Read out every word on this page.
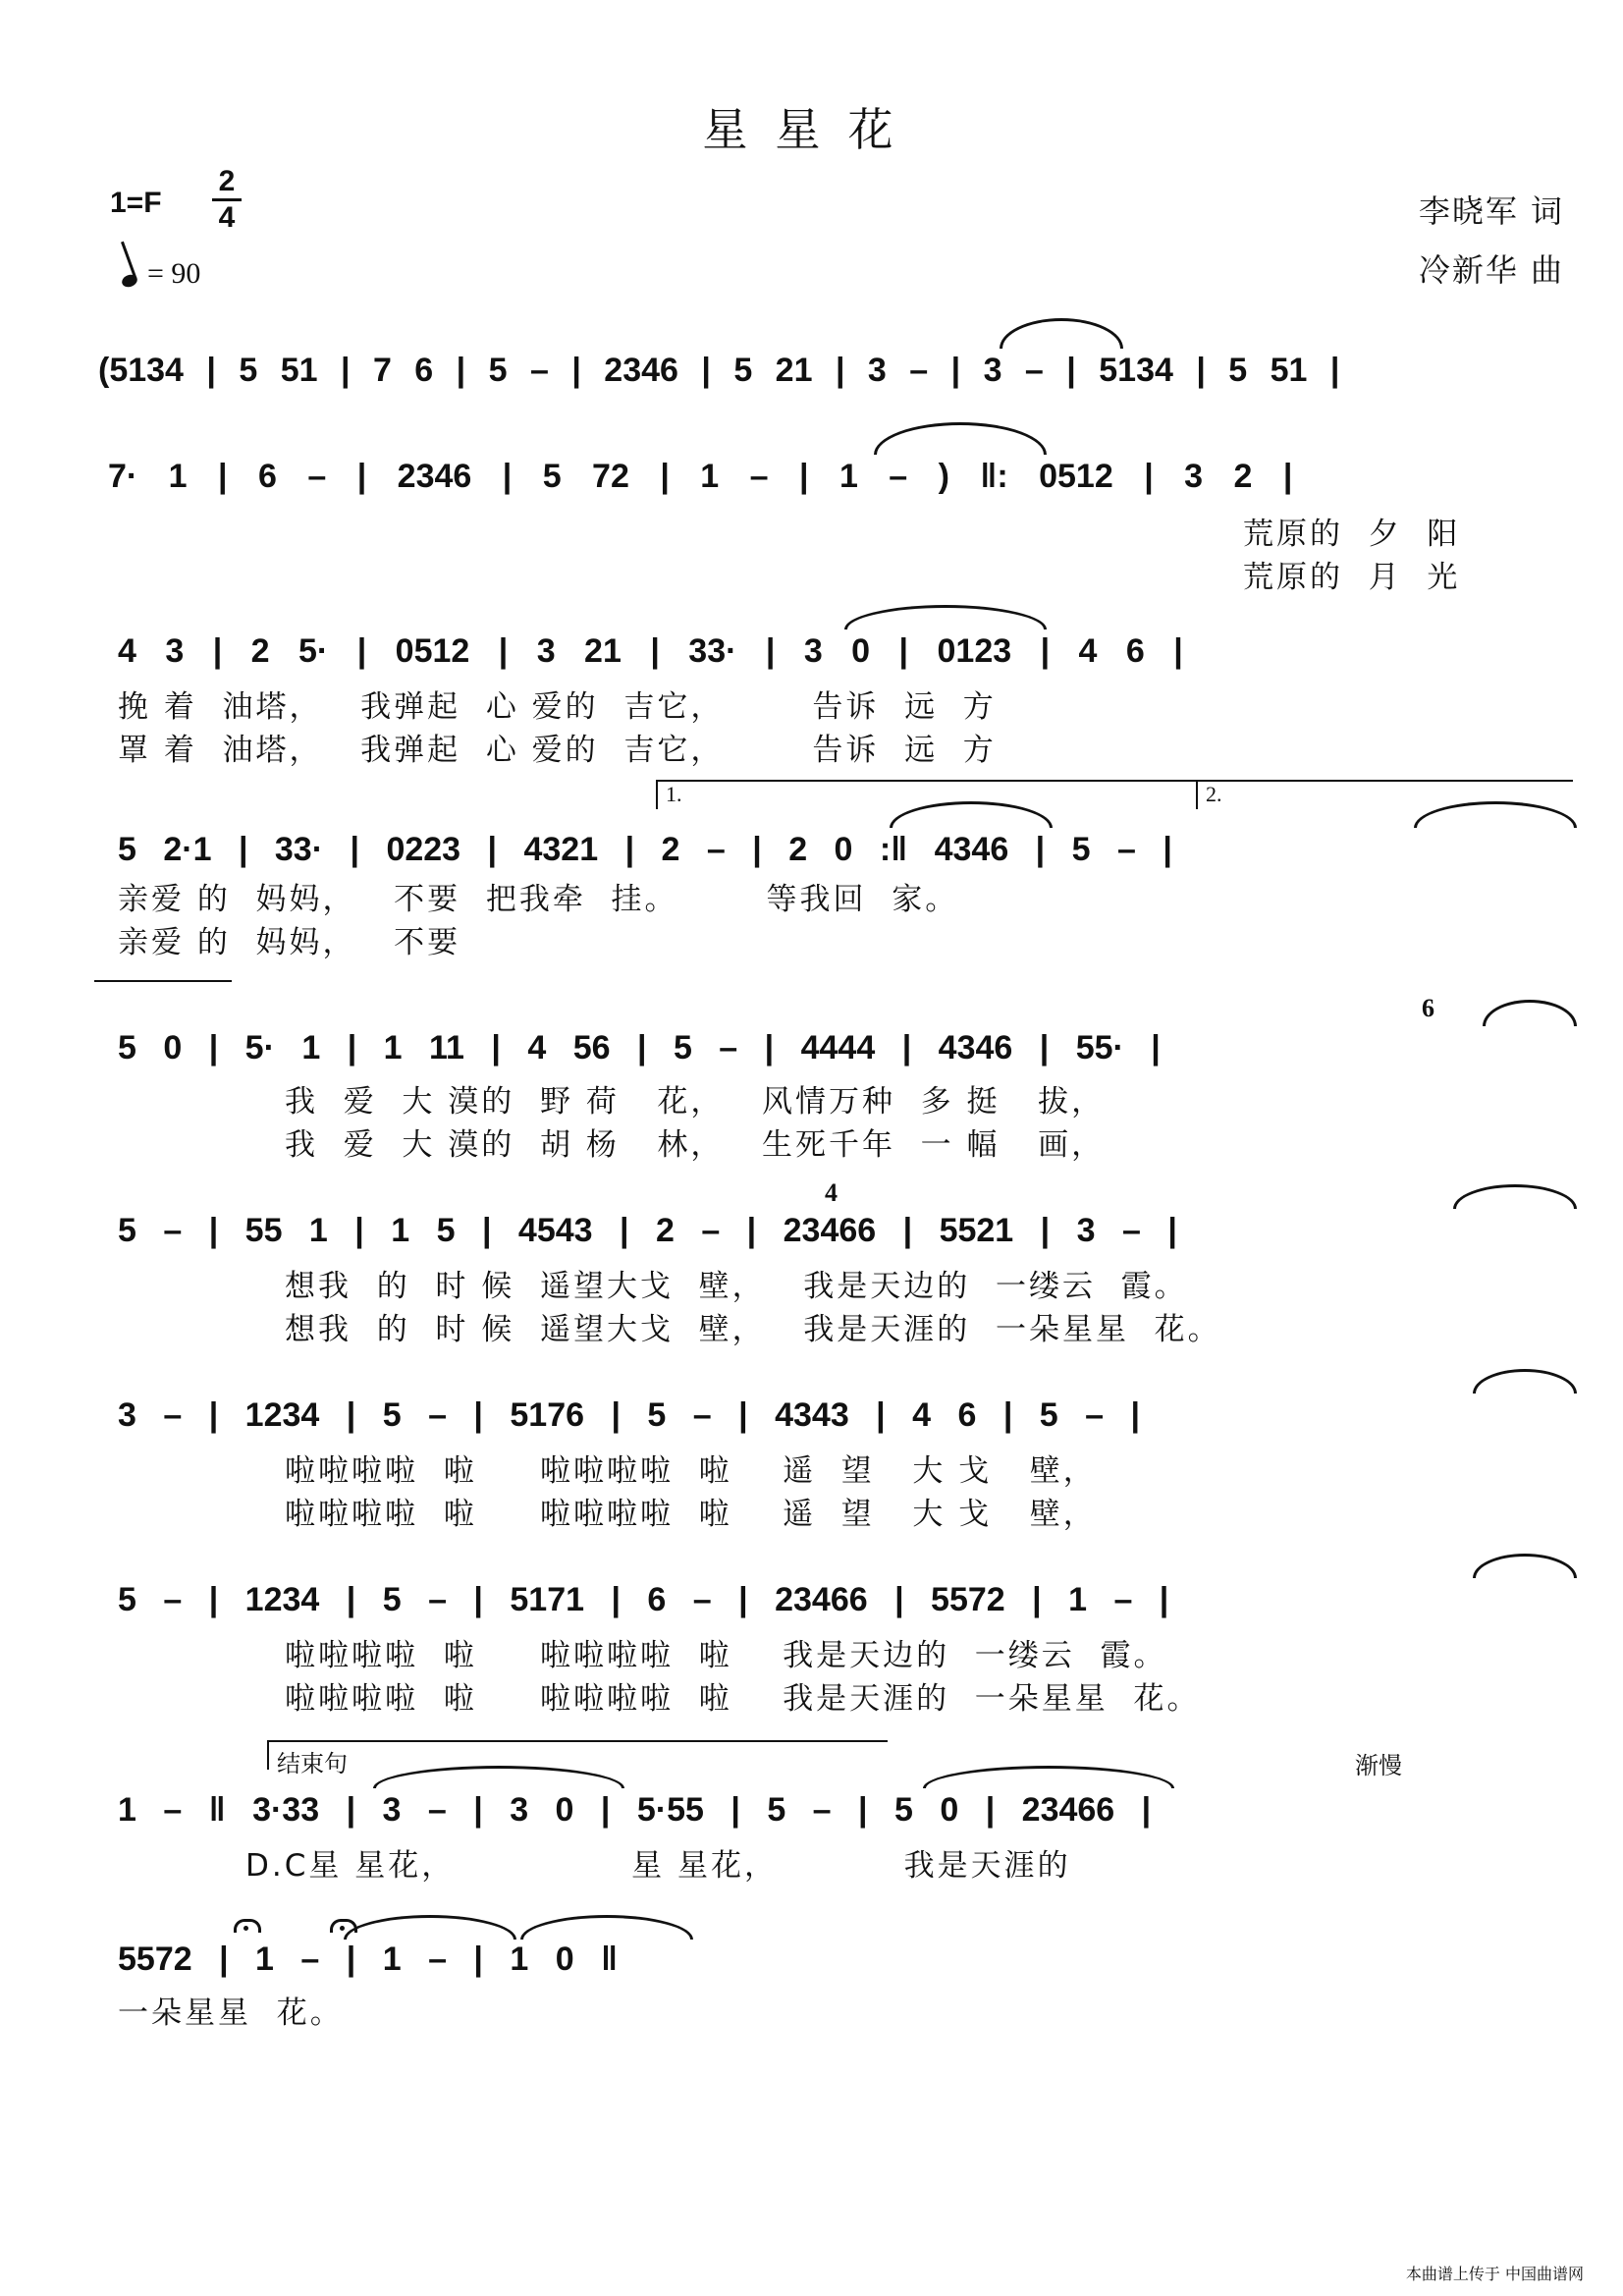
星星花
1=F
2
4
= 90
李晓军 词
冷新华 曲
(5134 | 5 51 | 7 6 | 5 – | 2346 | 5 21 | 3 – | 3 – | 5134 | 5 51 |
7· 1 | 6 – | 2346 | 5 72 | 1 – | 1 – ) ‖: 0512 | 3 2 |
荒原的  夕  阳
荒原的  月  光
4 3 | 2 5· | 0512 | 3 21 | 33· | 3 0 | 0123 | 4 6 |
挽 着  油塔，   我弹起  心 爱的  吉它，       告诉  远  方
罩 着  油塔，   我弹起  心 爱的  吉它，       告诉  远  方
1.	2.
5 2·1 | 33· | 0223 | 4321 | 2 – | 2 0 :‖ 4346 | 5 – |
亲爱 的  妈妈，   不要  把我牵  挂。       等我回  家。
亲爱 的  妈妈，   不要
5 0 | 5· 1 | 1 11 | 4 56 | 5 – | 4444 | 4346 | 55· |
6
我  爱  大 漠的  野 荷   花，   风情万种  多 挺   拔，
我  爱  大 漠的  胡 杨   林，   生死千年  一 幅   画，
5 – | 55 1 | 1 5 | 4543 | 2 – | 23466 | 5521 | 3 – |
4
想我  的  时 候  遥望大戈  壁，   我是天边的  一缕云  霞。
想我  的  时 候  遥望大戈  壁，   我是天涯的  一朵星星  花。
3 – | 1234 | 5 – | 5176 | 5 – | 4343 | 4 6 | 5 – |
啦啦啦啦  啦     啦啦啦啦  啦    遥  望   大 戈   壁，
啦啦啦啦  啦     啦啦啦啦  啦    遥  望   大 戈   壁，
5 – | 1234 | 5 – | 5171 | 6 – | 23466 | 5572 | 1 – |
啦啦啦啦  啦     啦啦啦啦  啦    我是天边的  一缕云  霞。
啦啦啦啦  啦     啦啦啦啦  啦    我是天涯的  一朵星星  花。
结束句	渐慢
1 – ‖ 3·33 | 3 – | 3 0 | 5·55 | 5 – | 5 0 | 23466 |
D.C星 星花，              星 星花，          我是天涯的
5572 | 1 – | 1 – | 1 0 ‖
一朵星星  花。
本曲谱上传于 中国曲谱网
